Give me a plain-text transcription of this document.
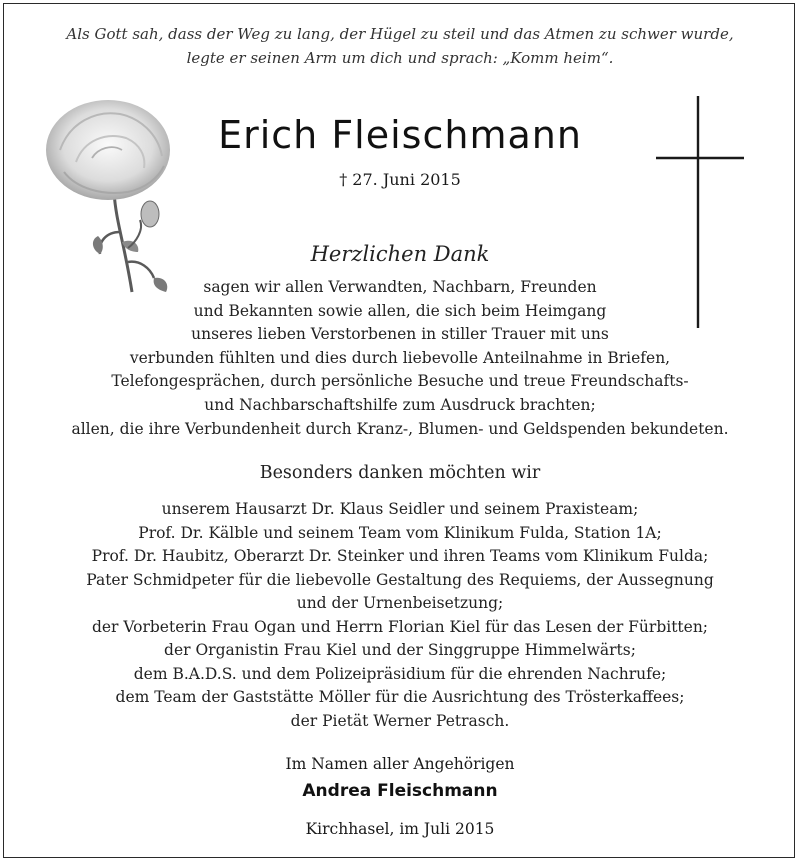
Als Gott sah, dass der Weg zu lang, der Hügel zu steil und das Atmen zu schwer wurde,
legte er seinen Arm um dich und sprach: „Komm heim“.
Erich Fleischmann
† 27. Juni 2015
Herzlichen Dank
sagen wir allen Verwandten, Nachbarn, Freunden
und Bekannten sowie allen, die sich beim Heimgang
unseres lieben Verstorbenen in stiller Trauer mit uns
verbunden fühlten und dies durch liebevolle Anteilnahme in Briefen,
Telefongesprächen, durch persönliche Besuche und treue Freundschafts-
und Nachbarschaftshilfe zum Ausdruck brachten;
allen, die ihre Verbundenheit durch Kranz-, Blumen- und Geldspenden bekundeten.
Besonders danken möchten wir
unserem Hausarzt Dr. Klaus Seidler und seinem Praxisteam;
Prof. Dr. Kälble und seinem Team vom Klinikum Fulda, Station 1A;
Prof. Dr. Haubitz, Oberarzt Dr. Steinker und ihren Teams vom Klinikum Fulda;
Pater Schmidpeter für die liebevolle Gestaltung des Requiems, der Aussegnung
und der Urnenbeisetzung;
der Vorbeterin Frau Ogan und Herrn Florian Kiel für das Lesen der Fürbitten;
der Organistin Frau Kiel und der Singgruppe Himmelwärts;
dem B.A.D.S. und dem Polizeipräsidium für die ehrenden Nachrufe;
dem Team der Gaststätte Möller für die Ausrichtung des Trösterkaffees;
der Pietät Werner Petrasch.
Im Namen aller Angehörigen
Andrea Fleischmann
Kirchhasel, im Juli 2015
